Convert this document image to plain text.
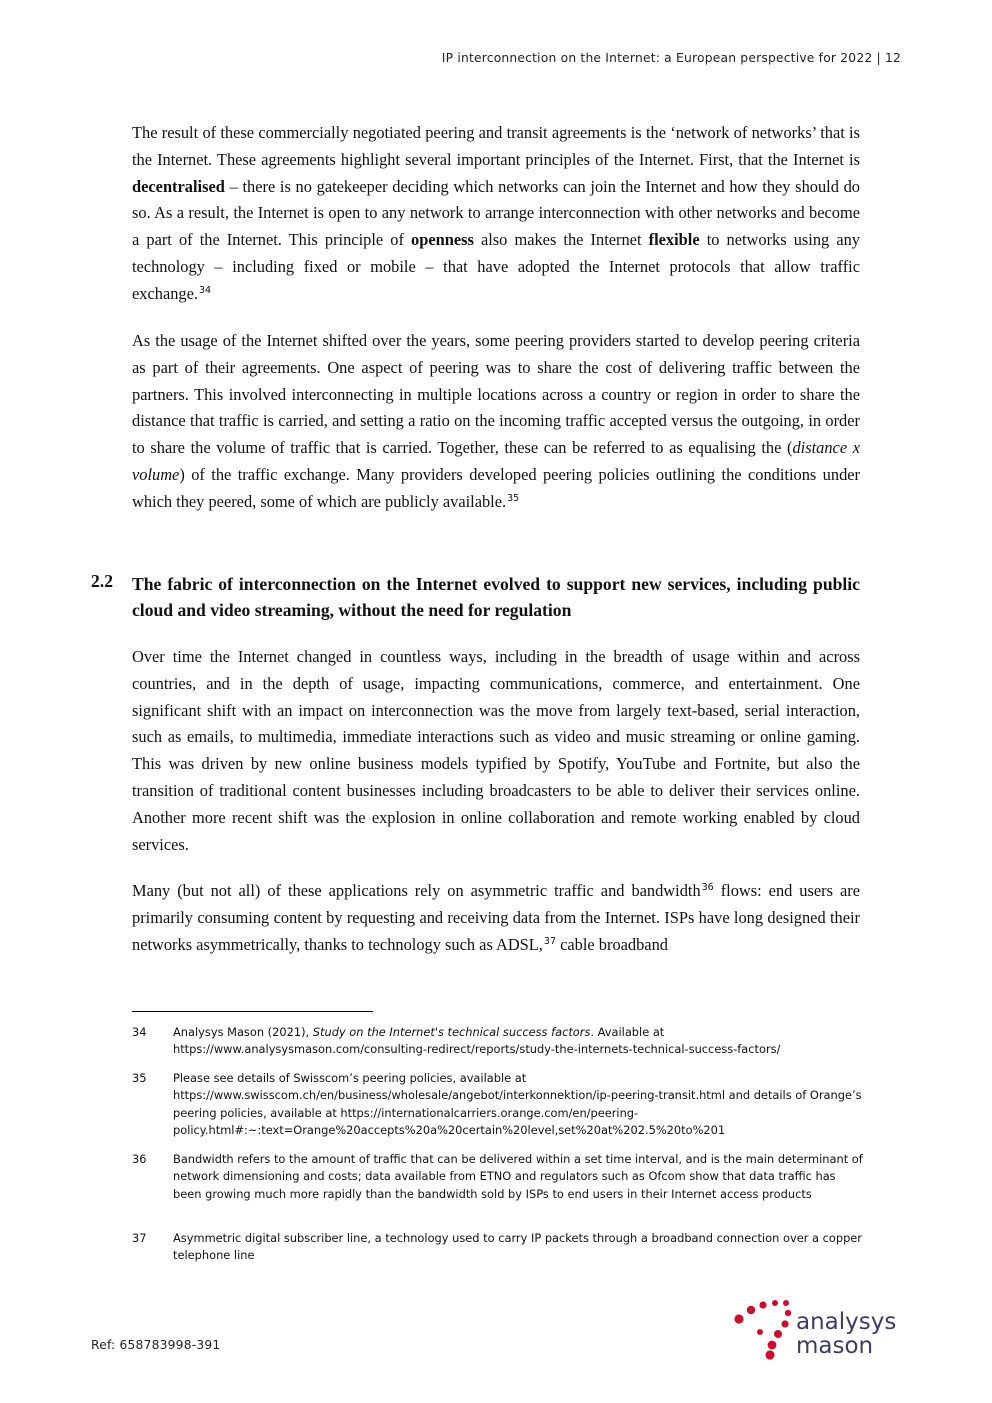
IP interconnection on the Internet: a European perspective for 2022 | 12

The result of these commercially negotiated peering and transit agreements is the ‘network of networks’ that is the Internet. These agreements highlight several important principles of the Internet. First, that the Internet is decentralised – there is no gatekeeper deciding which networks can join the Internet and how they should do so. As a result, the Internet is open to any network to arrange interconnection with other networks and become a part of the Internet. This principle of openness also makes the Internet flexible to networks using any technology – including fixed or mobile – that have adopted the Internet protocols that allow traffic exchange.$^{34}$

As the usage of the Internet shifted over the years, some peering providers started to develop peering criteria as part of their agreements. One aspect of peering was to share the cost of delivering traffic between the partners. This involved interconnecting in multiple locations across a country or region in order to share the distance that traffic is carried, and setting a ratio on the incoming traffic accepted versus the outgoing, in order to share the volume of traffic that is carried. Together, these can be referred to as equalising the (distance x volume) of the traffic exchange. Many providers developed peering policies outlining the conditions under which they peered, some of which are publicly available.$^{35}$

2.2 The fabric of interconnection on the Internet evolved to support new services, including public cloud and video streaming, without the need for regulation

Over time the Internet changed in countless ways, including in the breadth of usage within and across countries, and in the depth of usage, impacting communications, commerce, and entertainment. One significant shift with an impact on interconnection was the move from largely text-based, serial interaction, such as emails, to multimedia, immediate interactions such as video and music streaming or online gaming. This was driven by new online business models typified by Spotify, YouTube and Fortnite, but also the transition of traditional content businesses including broadcasters to be able to deliver their services online. Another more recent shift was the explosion in online collaboration and remote working enabled by cloud services.

Many (but not all) of these applications rely on asymmetric traffic and bandwidth$^{36}$ flows: end users are primarily consuming content by requesting and receiving data from the Internet. ISPs have long designed their networks asymmetrically, thanks to technology such as ADSL,$^{37}$ cable broadband

34	Analysys Mason (2021), Study on the Internet's technical success factors. Available at https://www.analysysmason.com/consulting-redirect/reports/study-the-internets-technical-success-factors/
35	Please see details of Swisscom’s peering policies, available at https://www.swisscom.ch/en/business/wholesale/angebot/interkonnektion/ip-peering-transit.html and details of Orange’s peering policies, available at https://internationalcarriers.orange.com/en/peering-policy.html#:~:text=Orange%20accepts%20a%20certain%20level,set%20at%202.5%20to%201
36	Bandwidth refers to the amount of traffic that can be delivered within a set time interval, and is the main determinant of network dimensioning and costs; data available from ETNO and regulators such as Ofcom show that data traffic has been growing much more rapidly than the bandwidth sold by ISPs to end users in their Internet access products
37	Asymmetric digital subscriber line, a technology used to carry IP packets through a broadband connection over a copper telephone line
Ref: 658783998-391
analysys
mason
